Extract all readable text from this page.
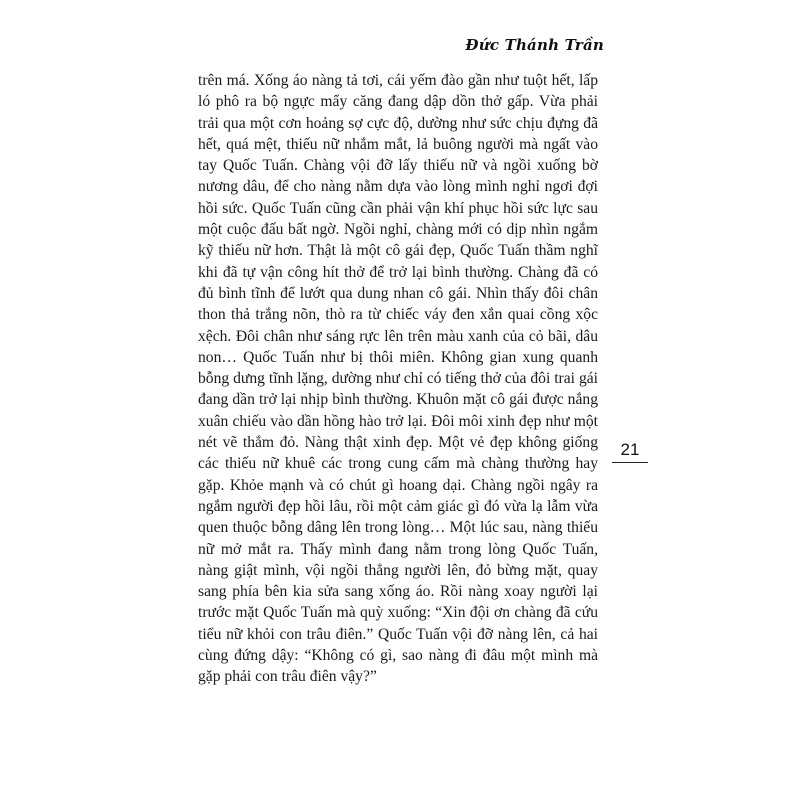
Đức Thánh Trần

trên má. Xống áo nàng tả tơi, cái yếm đào gần như tuột hết, lấp ló phô ra bộ ngực mẩy căng đang dập dồn thở gấp. Vừa phải trải qua một cơn hoảng sợ cực độ, dường như sức chịu đựng đã hết, quá mệt, thiếu nữ nhắm mắt, lả buông người mà ngất vào tay Quốc Tuấn. Chàng vội đỡ lấy thiếu nữ và ngồi xuống bờ nương dâu, để cho nàng nằm dựa vào lòng mình nghỉ ngơi đợi hồi sức. Quốc Tuấn cũng cần phải vận khí phục hồi sức lực sau một cuộc đấu bất ngờ. Ngồi nghỉ, chàng mới có dịp nhìn ngắm kỹ thiếu nữ hơn. Thật là một cô gái đẹp, Quốc Tuấn thầm nghĩ khi đã tự vận công hít thở để trở lại bình thường. Chàng đã có đủ bình tĩnh để lướt qua dung nhan cô gái. Nhìn thấy đôi chân thon thả trắng nõn, thò ra từ chiếc váy đen xắn quai cồng xộc xệch. Đôi chân như sáng rực lên trên màu xanh của cỏ bãi, dâu non… Quốc Tuấn như bị thôi miên. Không gian xung quanh bỗng dưng tĩnh lặng, dường như chỉ có tiếng thở của đôi trai gái đang dần trở lại nhịp bình thường. Khuôn mặt cô gái được nắng xuân chiếu vào dần hồng hào trở lại. Đôi môi xinh đẹp như một nét vẽ thắm đỏ. Nàng thật xinh đẹp. Một vẻ đẹp không giống các thiếu nữ khuê các trong cung cấm mà chàng thường hay gặp. Khỏe mạnh và có chút gì hoang dại. Chàng ngồi ngây ra ngắm người đẹp hồi lâu, rồi một cảm giác gì đó vừa lạ lẫm vừa quen thuộc bỗng dâng lên trong lòng… Một lúc sau, nàng thiếu nữ mở mắt ra. Thấy mình đang nằm trong lòng Quốc Tuấn, nàng giật mình, vội ngồi thẳng người lên, đỏ bừng mặt, quay sang phía bên kia sửa sang xống áo. Rồi nàng xoay người lại trước mặt Quốc Tuấn mà quỳ xuống: “Xin đội ơn chàng đã cứu tiểu nữ khỏi con trâu điên.” Quốc Tuấn vội đỡ nàng lên, cả hai cùng đứng dậy: “Không có gì, sao nàng đi đâu một mình mà gặp phải con trâu điên vậy?”

21
